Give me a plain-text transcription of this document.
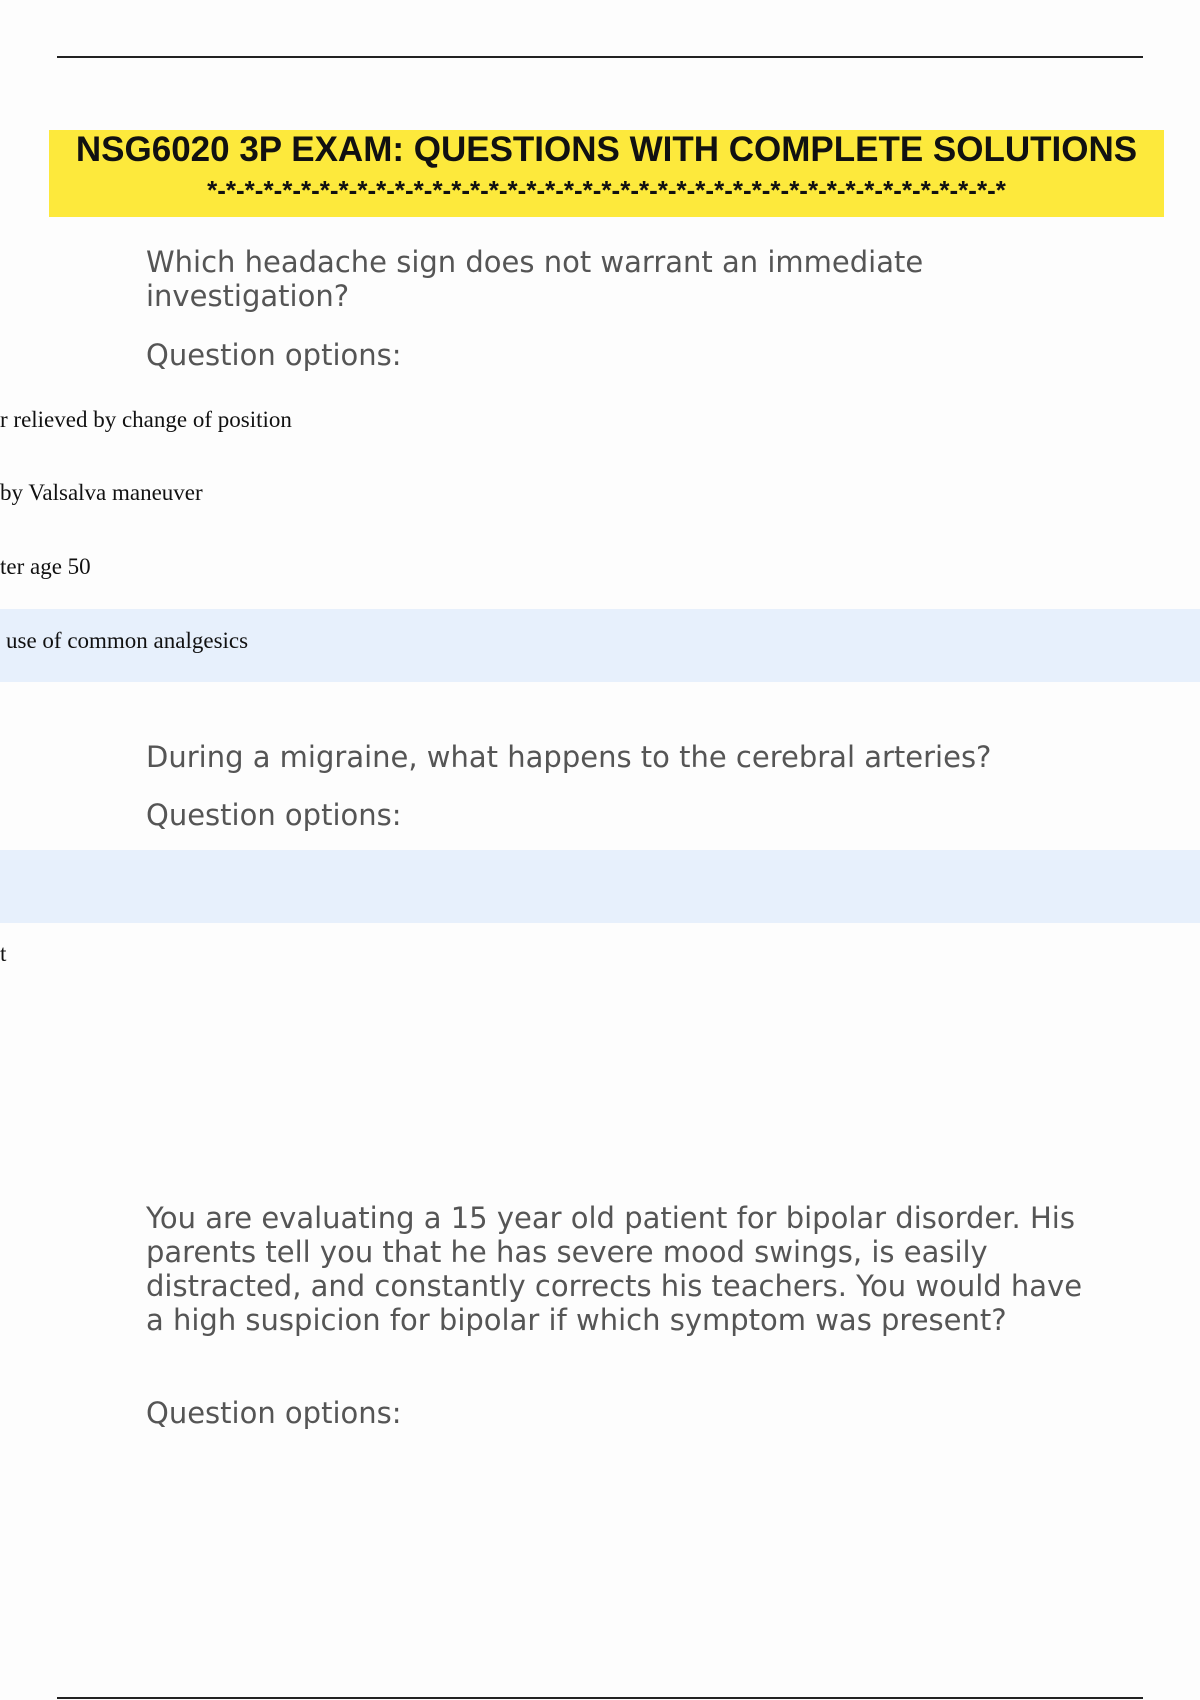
NSG6020 3P EXAM: QUESTIONS WITH COMPLETE SOLUTIONS
*-*-*-*-*-*-*-*-*-*-*-*-*-*-*-*-*-*-*-*-*-*-*-*-*-*-*-*-*-*-*-*-*-*-*-*-*-*-*-*-*-*-*
Which headache sign does not warrant an immediate investigation?
Question options:
r relieved by change of position
by Valsalva maneuver
ter age 50
use of common analgesics
During a migraine, what happens to the cerebral arteries?
Question options:
t
You are evaluating a 15 year old patient for bipolar disorder. His parents tell you that he has severe mood swings, is easily distracted, and constantly corrects his teachers. You would have a high suspicion for bipolar if which symptom was present?
Question options:
